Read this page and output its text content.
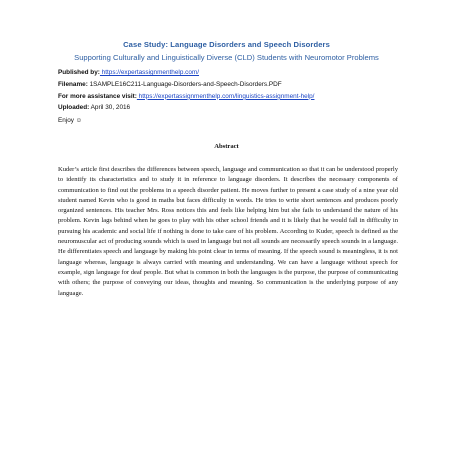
Case Study: Language Disorders and Speech Disorders
Supporting Culturally and Linguistically Diverse (CLD) Students with Neuromotor Problems
Published by: https://expertassignmenthelp.com/
Filename: 1SAMPLE16C211-Language-Disorders-and-Speech-Disorders.PDF
For more assistance visit: https://expertassignmenthelp.com/linguistics-assignment-help/
Uploaded: April 30, 2016
Enjoy ☺
Abstract

Kuder’s article first describes the differences between speech, language and communication so that it can be understood properly to identify its characteristics and to study it in reference to language disorders. It describes the necessary components of communication to find out the problems in a speech disorder patient. He moves further to present a case study of a nine year old student named Kevin who is good in maths but faces difficulty in words. He tries to write short sentences and produces poorly organized sentences. His teacher Mrs. Ross notices this and feels like helping him but she fails to understand the nature of his problem. Kevin lags behind when he goes to play with his other school friends and it is likely that he would fall in difficulty in pursuing his academic and social life if nothing is done to take care of his problem. According to Kuder, speech is defined as the neuromuscular act of producing sounds which is used in language but not all sounds are necessarily speech sounds in a language. He differentiates speech and language by making his point clear in terms of meaning. If the speech sound is meaningless, it is not language whereas, language is always carried with meaning and understanding. We can have a language without speech for example, sign language for deaf people. But what is common in both the languages is the purpose, the purpose of communicating with others; the purpose of conveying our ideas, thoughts and meaning. So communication is the underlying purpose of any language.
